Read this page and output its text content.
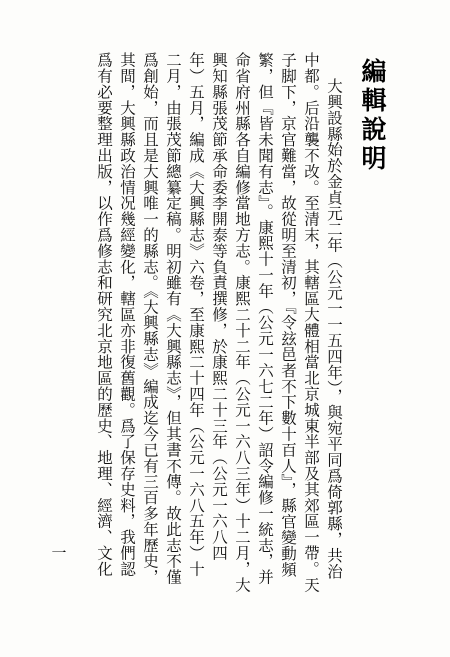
編輯說明
大興設縣始於金貞元二年（公元一一五四年），與宛平同爲倚郭縣，共治
中都。后沿襲不改。至清末，其轄區大體相當北京城東半部及其郊區一帶。天
子脚下，京官難當，故從明至清初，『令玆邑者不下數十百人』，縣官變動頻
繁，但『皆未聞有志』。康熙十一年（公元一六七二年）詔令編修一統志，并
命省府州縣各自編修當地方志。康熙二十二年（公元一六八三年）十二月，大
興知縣張茂節承命委李開泰等負責撰修，於康熙二十三年（公元一六八四
年）五月，編成《大興縣志》六卷，至康熙二十四年（公元一六八五年）十
二月，由張茂節總纂定稿。明初雖有《大興縣志》，但其書不傳。故此志不僅
爲創始，而且是大興唯一的縣志。《大興縣志》編成迄今已有三百多年歷史，
其間，大興縣政治情况幾經變化，轄區亦非復舊觀。爲了保存史料，我們認
爲有必要整理出版，以作爲修志和研究北京地區的歷史、地理、經濟、文化
一
